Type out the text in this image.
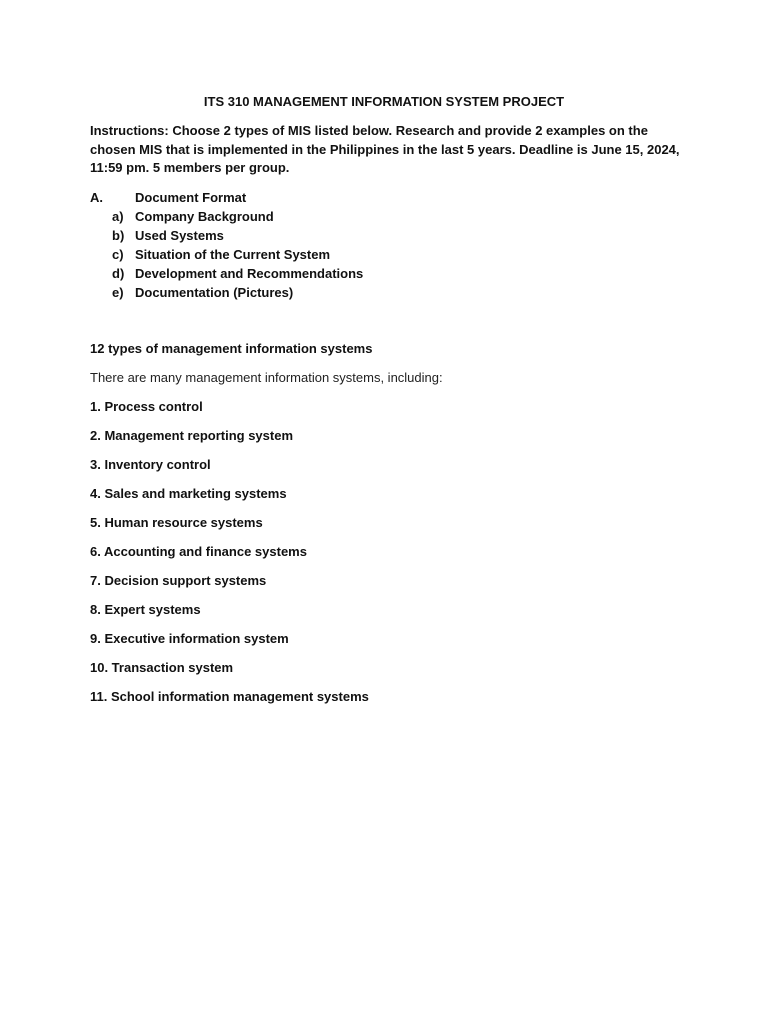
ITS 310 MANAGEMENT INFORMATION SYSTEM PROJECT
Instructions: Choose 2 types of MIS listed below. Research and provide 2 examples on the chosen MIS that is implemented in the Philippines in the last 5 years. Deadline is June 15, 2024, 11:59 pm. 5 members per group.
A.	Document Format
a) Company Background
b) Used Systems
c) Situation of the Current System
d) Development and Recommendations
e) Documentation (Pictures)
12 types of management information systems
There are many management information systems, including:
1. Process control
2. Management reporting system
3. Inventory control
4. Sales and marketing systems
5. Human resource systems
6. Accounting and finance systems
7. Decision support systems
8. Expert systems
9. Executive information system
10. Transaction system
11. School information management systems
